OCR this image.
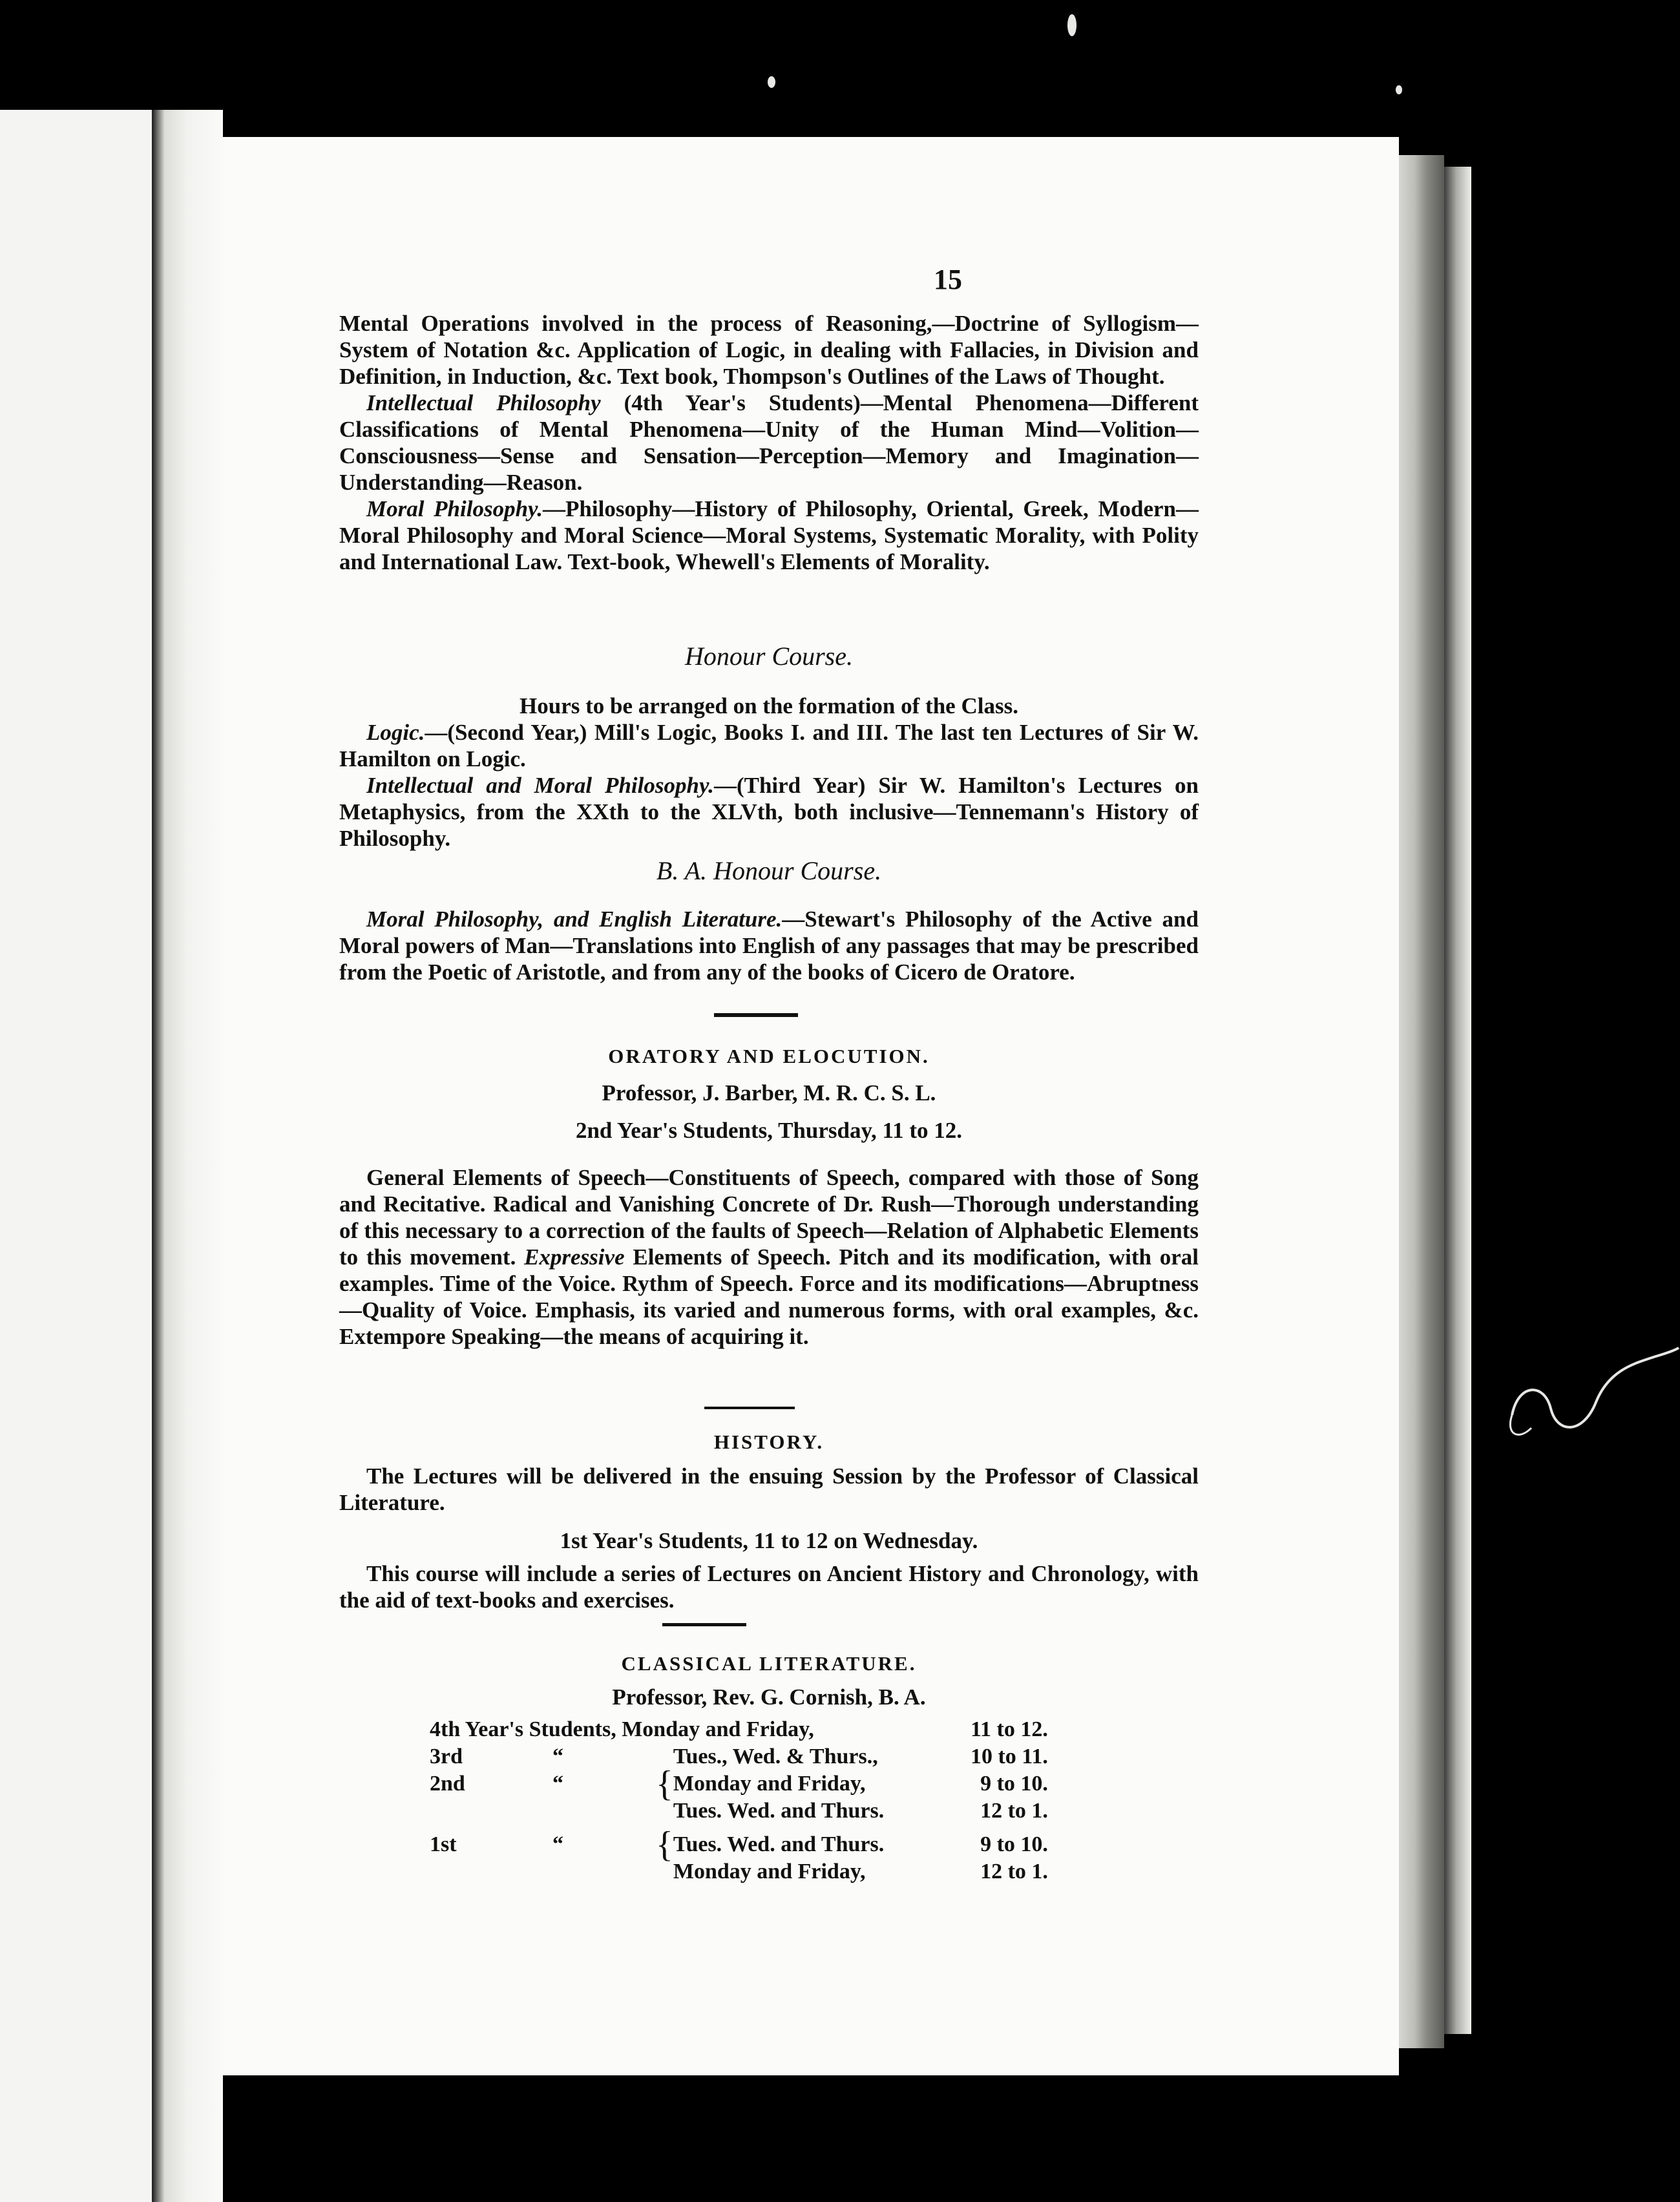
15

Mental Operations involved in the process of Reasoning,—Doctrine of Syllogism—System of Notation &c. Application of Logic, in dealing with Fallacies, in Division and Definition, in Induction, &c. Text book, Thompson's Outlines of the Laws of Thought.

Intellectual Philosophy (4th Year's Students)—Mental Phenomena—Different Classifications of Mental Phenomena—Unity of the Human Mind—Volition—Consciousness—Sense and Sensation—Perception—Memory and Imagination—Understanding—Reason.

Moral Philosophy.—Philosophy—History of Philosophy, Oriental, Greek, Modern—Moral Philosophy and Moral Science—Moral Systems, Systematic Morality, with Polity and International Law. Text-book, Whewell's Elements of Morality.

Honour Course.

Hours to be arranged on the formation of the Class.

Logic.—(Second Year,) Mill's Logic, Books I. and III. The last ten Lectures of Sir W. Hamilton on Logic.

Intellectual and Moral Philosophy.—(Third Year) Sir W. Hamilton's Lectures on Metaphysics, from the XXth to the XLVth, both inclusive—Tennemann's History of Philosophy.

B. A. Honour Course.

Moral Philosophy, and English Literature.—Stewart's Philosophy of the Active and Moral powers of Man—Translations into English of any passages that may be prescribed from the Poetic of Aristotle, and from any of the books of Cicero de Oratore.

ORATORY AND ELOCUTION.
Professor, J. Barber, M. R. C. S. L.
2nd Year's Students, Thursday, 11 to 12.

General Elements of Speech—Constituents of Speech, compared with those of Song and Recitative. Radical and Vanishing Concrete of Dr. Rush—Thorough understanding of this necessary to a correction of the faults of Speech—Relation of Alphabetic Elements to this movement. Expressive Elements of Speech. Pitch and its modification, with oral examples. Time of the Voice. Rythm of Speech. Force and its modifications—Abruptness—Quality of Voice. Emphasis, its varied and numerous forms, with oral examples, &c. Extempore Speaking—the means of acquiring it.

HISTORY.

The Lectures will be delivered in the ensuing Session by the Professor of Classical Literature.

1st Year's Students, 11 to 12 on Wednesday.

This course will include a series of Lectures on Ancient History and Chronology, with the aid of text-books and exercises.

CLASSICAL LITERATURE.
Professor, Rev. G. Cornish, B. A.
4th Year's Students, Monday and Friday,				11 to 12.
3rd	“		Tues., Wed. & Thurs.,	10 to 11.
2nd	“	{	Monday and Friday,	9 to 10.
			Tues. Wed. and Thurs.	12 to 1.
1st	“	{	Tues. Wed. and Thurs.	9 to 10.
			Monday and Friday,	12 to 1.
